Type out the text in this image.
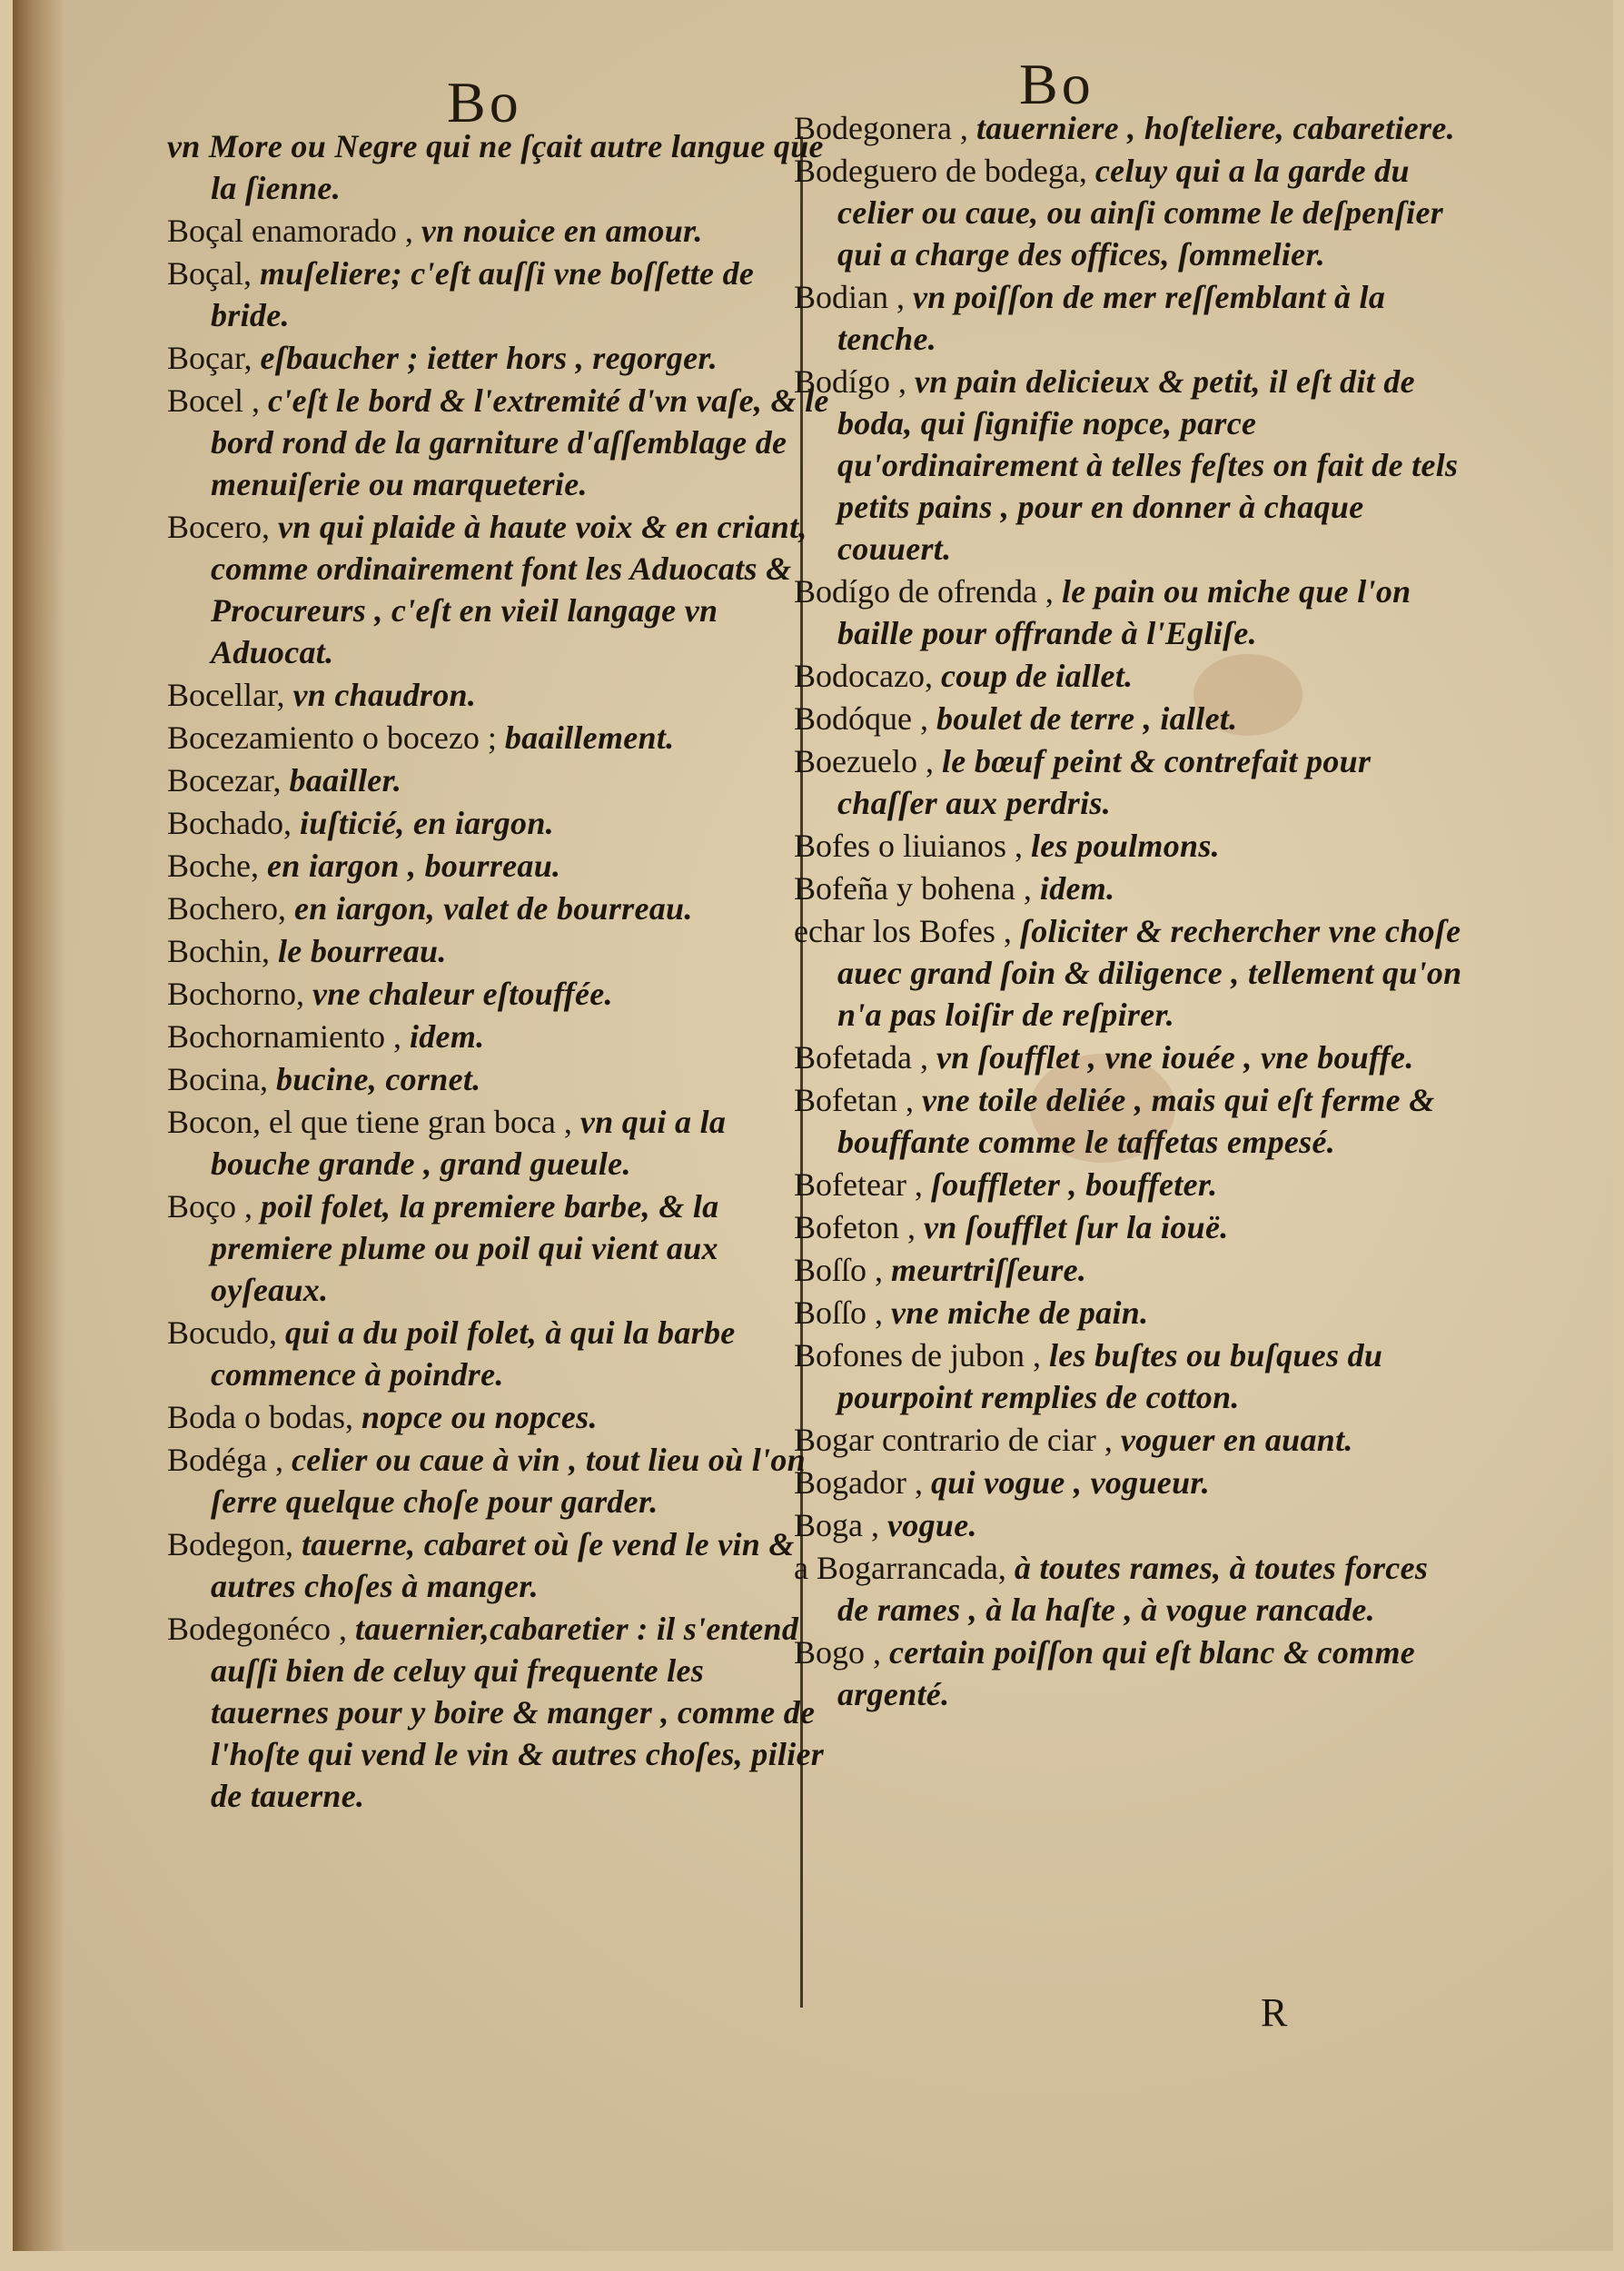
Bo	Bo
vn More ou Negre qui ne ſçait autre langue que la ſienne.
Boçal enamorado , vn nouice en amour.
Boçal, muſeliere; c'eſt auſſi vne boſſette de bride.
Boçar, eſbaucher ; ietter hors , regorger.
Bocel , c'eſt le bord & l'extremité d'vn vaſe, & le bord rond de la garniture d'aſſemblage de menuiſerie ou marqueterie.
Bocero, vn qui plaide à haute voix & en criant, comme ordinairement font les Aduocats & Procureurs , c'eſt en vieil langage vn Aduocat.
Bocellar, vn chaudron.
Bocezamiento o bocezo ; baaillement.
Bocezar, baailler.
Bochado, iuſticié, en iargon.
Boche, en iargon , bourreau.
Bochero, en iargon, valet de bourreau.
Bochin, le bourreau.
Bochorno, vne chaleur eſtouffée.
Bochornamiento , idem.
Bocina, bucine, cornet.
Bocon, el que tiene gran boca , vn qui a la bouche grande , grand gueule.
Boço , poil folet, la premiere barbe, & la premiere plume ou poil qui vient aux oyſeaux.
Bocudo, qui a du poil folet, à qui la barbe commence à poindre.
Boda o bodas, nopce ou nopces.
Bodéga , celier ou caue à vin , tout lieu où l'on ſerre quelque choſe pour garder.
Bodegon, tauerne, cabaret où ſe vend le vin & autres choſes à manger.
Bodegonéco , tauernier,cabaretier : il s'entend auſſi bien de celuy qui frequente les tauernes pour y boire & manger , comme de l'hoſte qui vend le vin & autres choſes, pilier de tauerne.
Bodegonera , tauerniere , hoſteliere, cabaretiere.
Bodeguero de bodega, celuy qui a la garde du celier ou caue, ou ainſi comme le deſpenſier qui a charge des offices, ſommelier.
Bodian , vn poiſſon de mer reſſemblant à la tenche.
Bodígo , vn pain delicieux & petit, il eſt dit de boda, qui ſignifie nopce, parce qu'ordinairement à telles feſtes on fait de tels petits pains , pour en donner à chaque couuert.
Bodígo de ofrenda , le pain ou miche que l'on baille pour offrande à l'Egliſe.
Bodocazo, coup de iallet.
Bodóque , boulet de terre , iallet.
Boezuelo , le bœuf peint & contrefait pour chaſſer aux perdris.
Bofes o liuianos , les poulmons.
Bofeña y bohena , idem.
echar los Bofes , ſoliciter & rechercher vne choſe auec grand ſoin & diligence , tellement qu'on n'a pas loiſir de reſpirer.
Bofetada , vn ſoufflet , vne iouée , vne bouffe.
Bofetan , vne toile deliée , mais qui eſt ferme & bouffante comme le taffetas empesé.
Bofetear , ſouffleter , bouffeter.
Bofeton , vn ſoufflet ſur la iouë.
Boſſo , meurtriſſeure.
Boſſo , vne miche de pain.
Bofones de jubon , les buſtes ou buſques du pourpoint remplies de cotton.
Bogar contrario de ciar , voguer en auant.
Bogador , qui vogue , vogueur.
Boga , vogue.
a Bogarrancada, à toutes rames, à toutes forces de rames , à la haſte , à vogue rancade.
Bogo , certain poiſſon qui eſt blanc & comme argenté.
R
